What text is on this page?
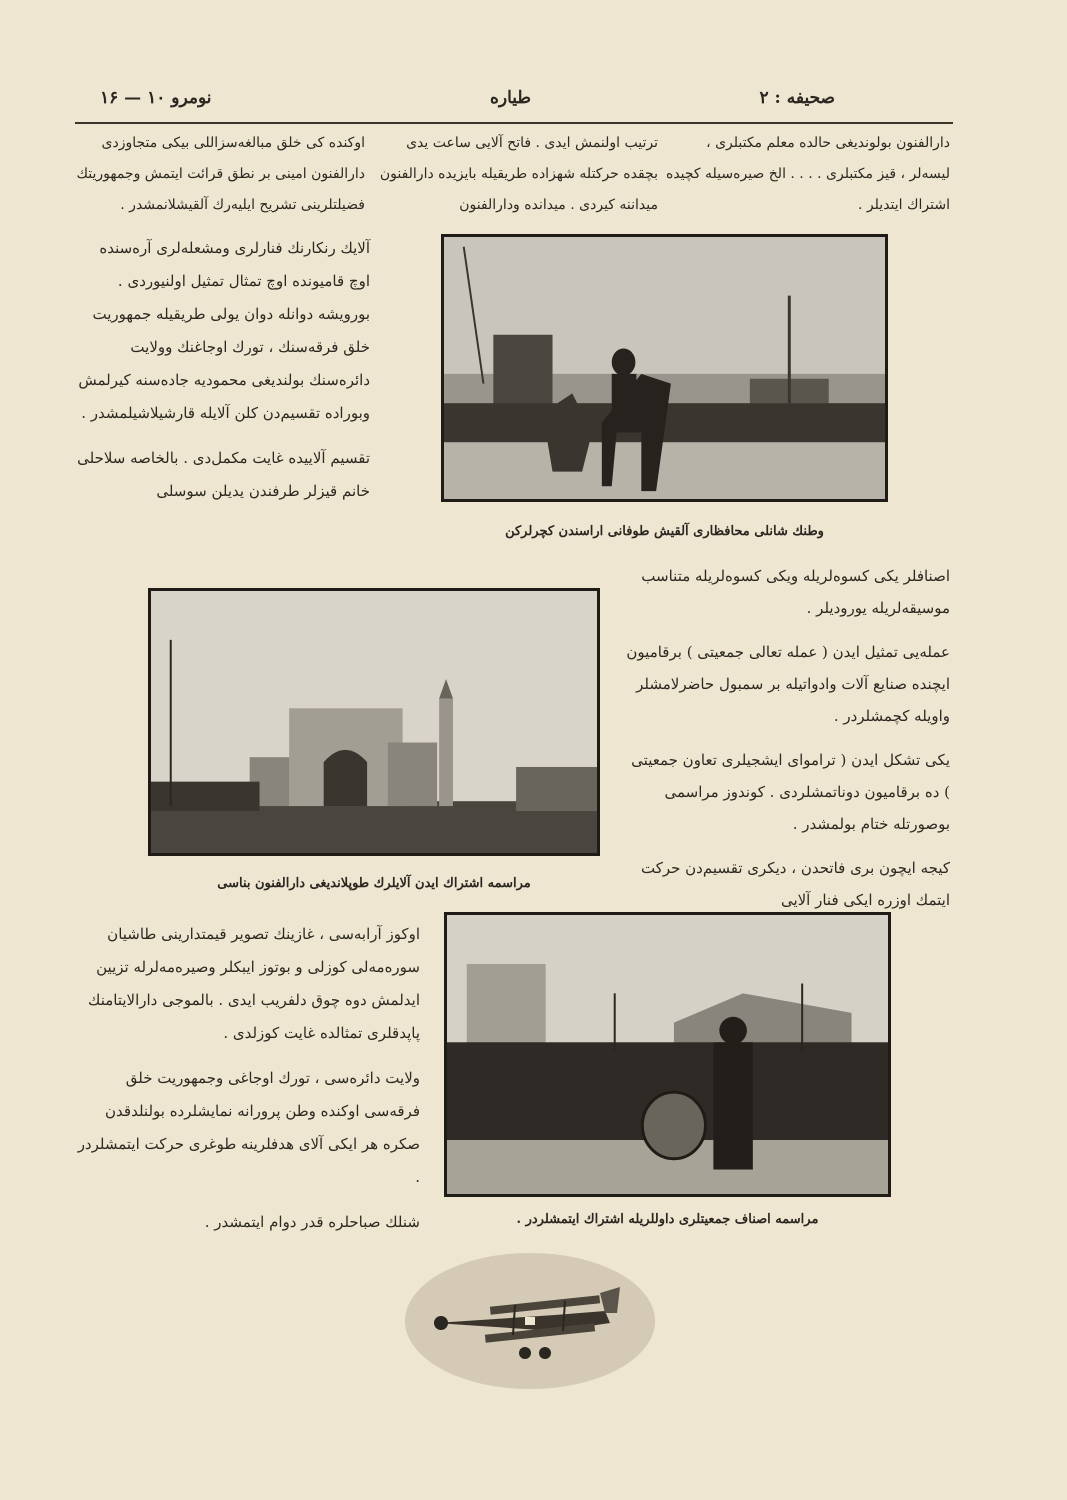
صحیفه : ۲
طیاره
نومرو ۱۰ — ۱۶
دارالفنون بولوندیغی حالده معلم مکتبلری ، لیسه‌لر ، قیز مکتبلری . . . . الخ صیره‌سیله کچیده اشتراك ایتدیلر .
ترتیب اولنمش ایدی . فاتح آلایی ساعت یدی بچقده حرکتله شهزاده طریقیله بایزیده دارالفنون میداننه کیردی . میدانده ودارالفنون
اوکنده کی خلق مبالغه‌سزاللی بیکی متجاوزدی دارالفنون امینی بر نطق قرائت ایتمش وجمهوریتك فضیلتلرینی تشریح ایلیه‌رك آلقیشلانمشدر .

آلایك رنكارنك فنارلری ومشعله‌لری آره‌سنده اوچ قامیونده اوچ تمثال تمثیل اولنیوردی . بورویشه دوانله دوان یولی طریقیله جمهوریت خلق فرقه‌سنك ، تورك اوجاغنك وولایت دائره‌سنك بولندیغی محمودیه جاده‌سنه کیرلمش وبوراده تقسیم‌دن کلن آلایله قارشیلاشیلمشدر .

تقسیم آلاییده غایت مکمل‌دی . بالخاصه سلاحلی خانم قیزلر طرفندن یدیلن سوسلی

وطنك شانلی محافظاری آلقیش طوفانی اراسندن کچرلرکن
مراسمه اشتراك ایدن آلایلرك طوپلاندیغی دارالفنون بناسی

اصنافلر یکی کسوه‌لریله ویکی کسوه‌لریله متناسب موسیقه‌لریله یورودیلر .

عمله‌یی تمثیل ایدن ( عمله تعالی جمعیتی ) برقامیون ایچنده صنایع آلات وادواتیله بر سمبول حاضرلامشلر واویله کچمشلردر .

یکی تشکل ایدن ( تراموای ایشجیلری تعاون جمعیتی ) ده برقامیون دوناتمشلردی . کوندوز مراسمی بوصورتله ختام بولمشدر .

کیجه ایچون بری فاتحدن ، دیکری تقسیم‌دن حرکت ایتمك اوزره ایکی فنار آلایی

اوکوز آرابه‌سی ، غازینك تصویر قیمتدارینی طاشیان سوره‌مه‌لی کوزلی و بوتوز ایبکلر وصیره‌مه‌لرله تزیین ایدلمش دوه چوق دلفریب ایدی . بالموجی دارالایتامنك پاپدقلری تمثالده غایت کوزلدی .

ولایت دائره‌سی ، تورك اوجاغی وجمهوریت خلق فرقه‌سی اوکنده وطن پرورانه نمایشلرده بولنلدقدن صکره هر ایکی آلای هدفلرینه طوغری حرکت ایتمشلردر .

شنلك صباحلره قدر دوام ایتمشدر .	مراسمه اصناف جمعیتلری داوللریله اشتراك ایتمشلردر .
